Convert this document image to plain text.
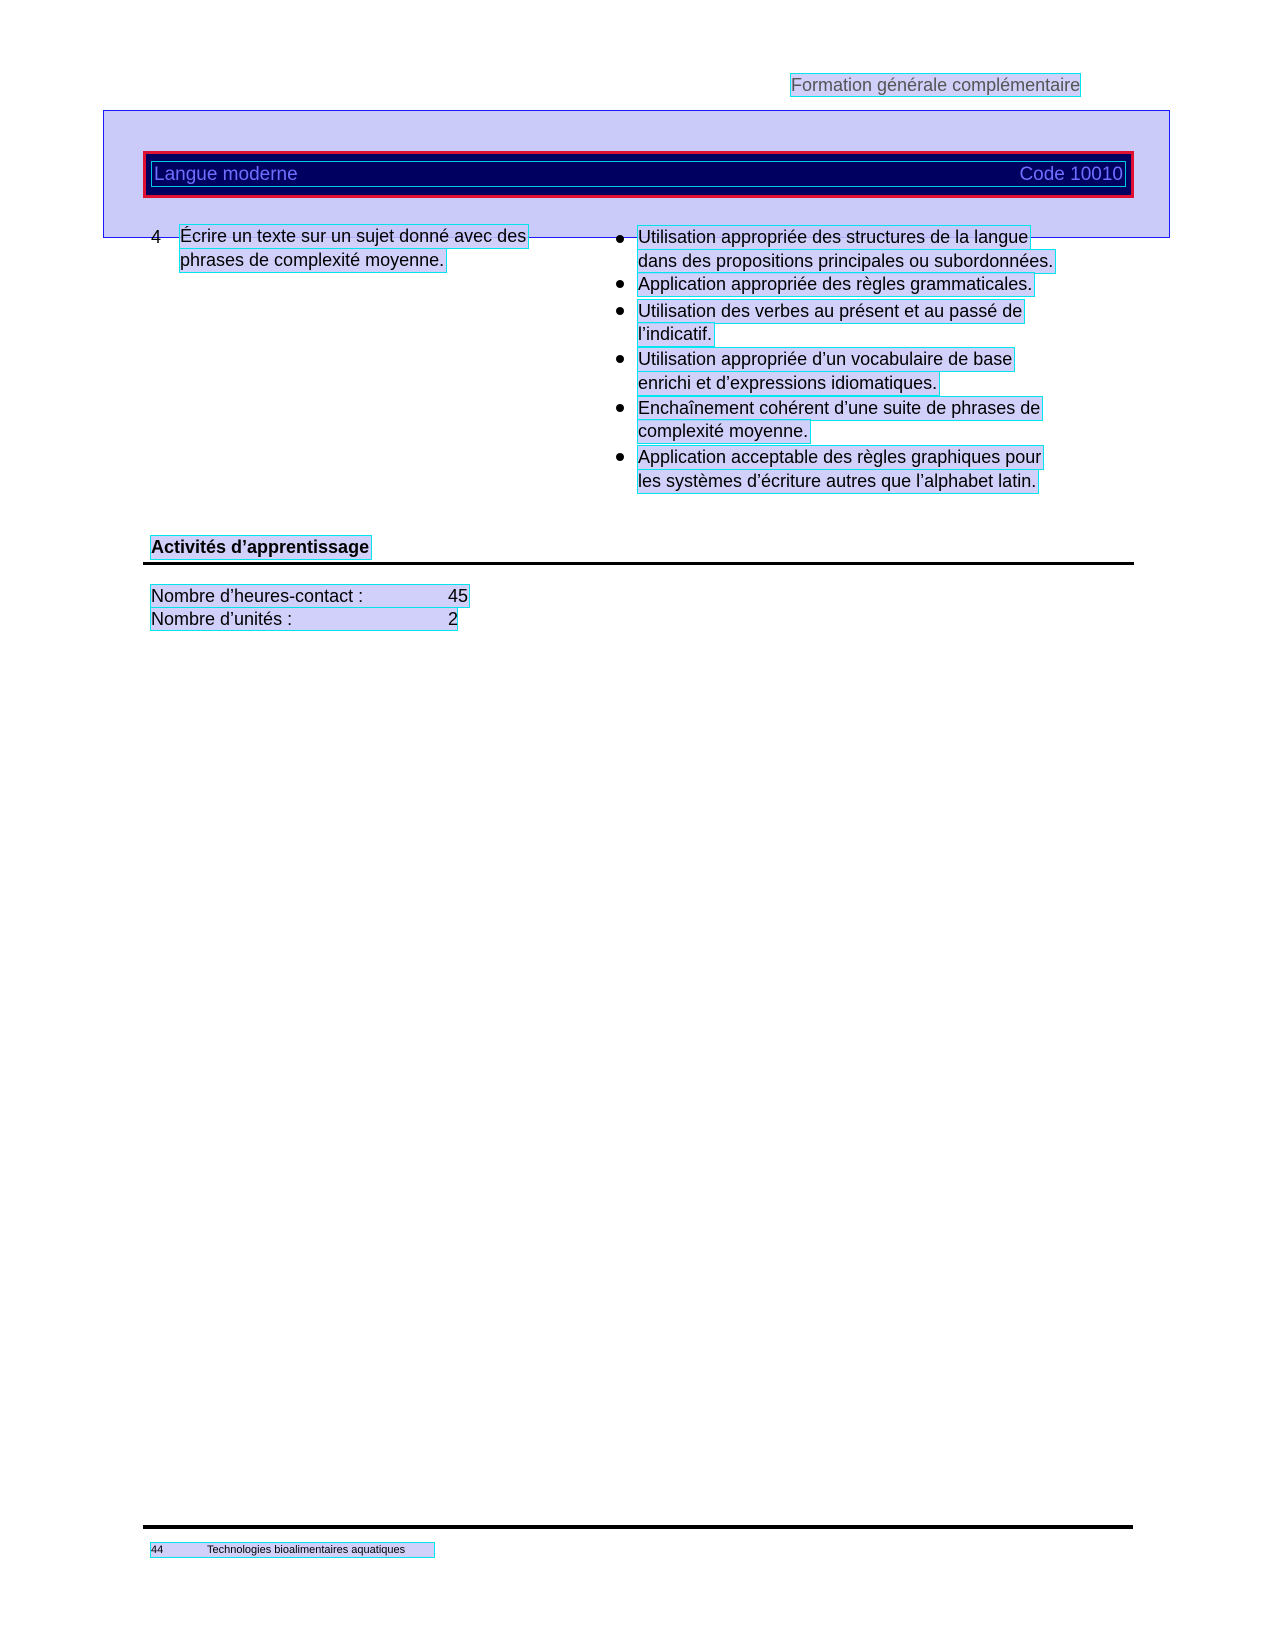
Formation générale complémentaire
Langue moderne	Code 10010
4 Écrire un texte sur un sujet donné avec des
phrases de complexité moyenne.
Utilisation appropriée des structures de la langue
dans des propositions principales ou subordonnées.
Application appropriée des règles grammaticales.
Utilisation des verbes au présent et au passé de
l’indicatif.
Utilisation appropriée d’un vocabulaire de base
enrichi et d’expressions idiomatiques.
Enchaînement cohérent d’une suite de phrases de
complexité moyenne.
Application acceptable des règles graphiques pour
les systèmes d’écriture autres que l’alphabet latin.
Activités d’apprentissage
Nombre d’heures-contact :	45
Nombre d’unités :	2
44	Technologies bioalimentaires aquatiques
